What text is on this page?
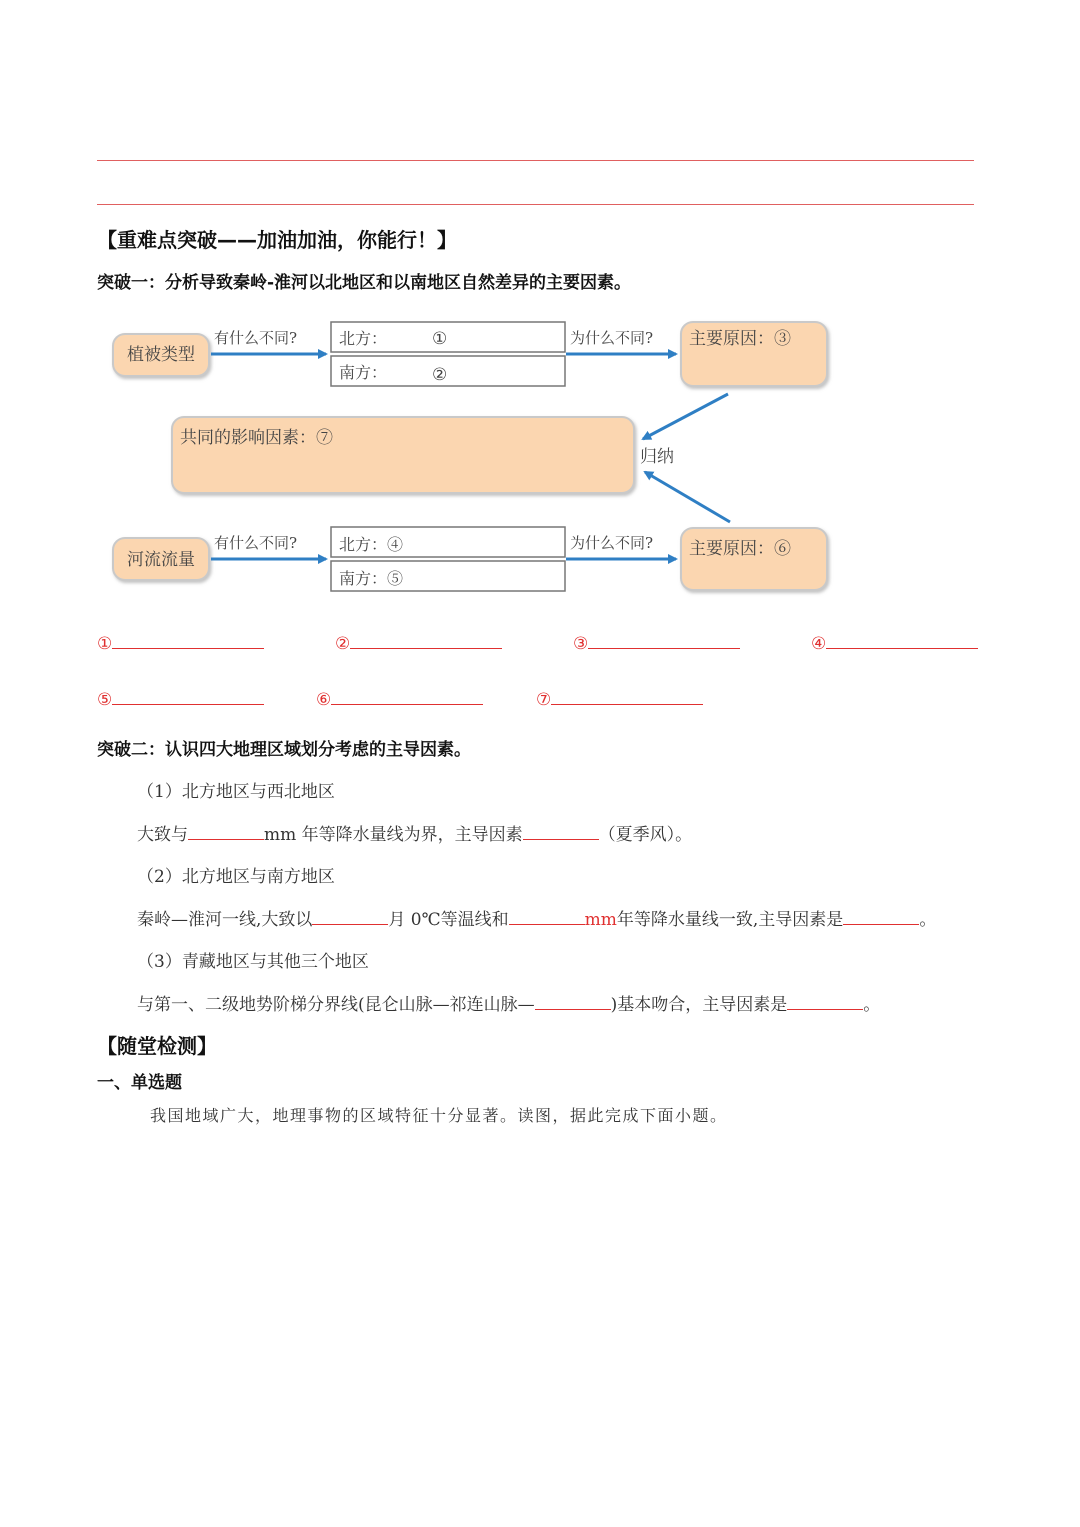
【重难点突破——加油加油，你能行！】
突破一：分析导致秦岭-淮河以北地区和以南地区自然差异的主要因素。
植被类型
有什么不同?	北方：	①
南方：	②
为什么不同? 主要原因：③
共同的影响因素：⑦
归纳
河流流量
有什么不同?	北方：④
南方：⑤
为什么不同? 主要原因：⑥
①	②	③	④
⑤	⑥	⑦
突破二：认识四大地理区域划分考虑的主导因素。
（1）北方地区与西北地区
大致与	mm 年等降水量线为界，主导因素	（夏季风）。
（2）北方地区与南方地区
秦岭—淮河一线,大致以	月 0℃等温线和	mm年等降水量线一致,主导因素是	。
（3）青藏地区与其他三个地区
与第一、二级地势阶梯分界线(昆仑山脉—祁连山脉—	)基本吻合，主导因素是	。
【随堂检测】
一、单选题
我国地域广大，地理事物的区域特征十分显著。读图，据此完成下面小题。
